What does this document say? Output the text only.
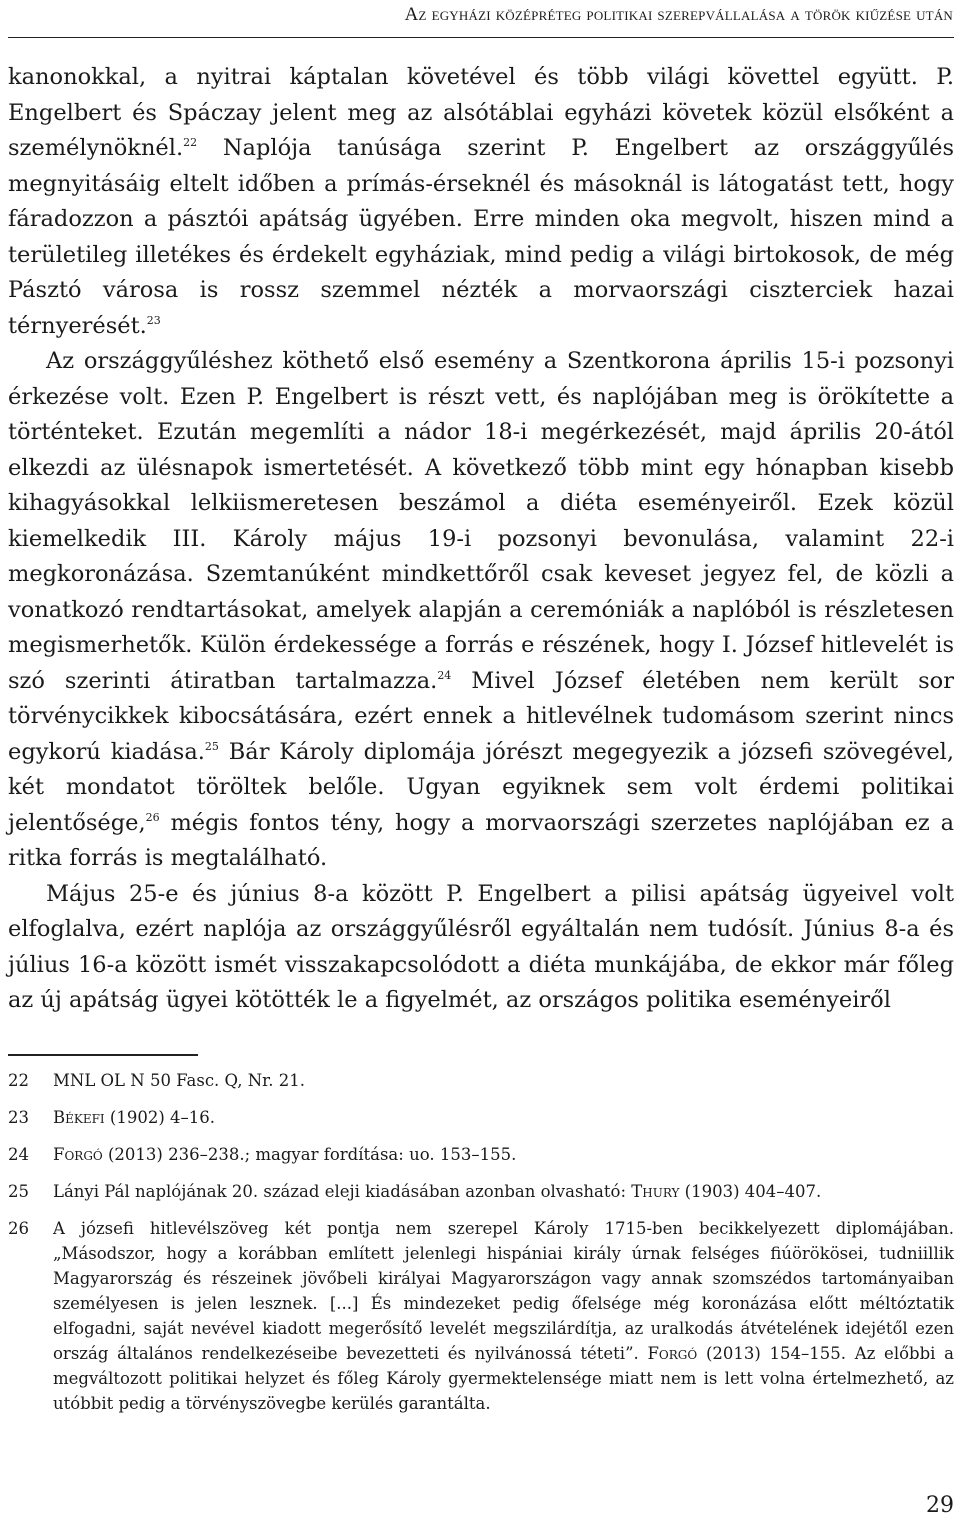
Az egyházi középréteg politikai szerepvállalása a török kiűzése után

kanonokkal, a nyitrai káptalan követével és több világi követtel együtt. P. Engelbert és Spáczay jelent meg az alsótáblai egyházi követek közül elsőként a személynöknél.$^{22}$ Naplója tanúsága szerint P. Engelbert az országgyűlés megnyitásáig eltelt időben a prímás-érseknél és másoknál is látogatást tett, hogy fáradozzon a pásztói apátság ügyében. Erre minden oka megvolt, hiszen mind a területileg illetékes és érdekelt egyháziak, mind pedig a világi birtokosok, de még Pásztó városa is rossz szemmel nézték a morvaországi ciszterciek hazai térnyerését.$^{23}$

Az országgyűléshez köthető első esemény a Szentkorona április 15-i pozsonyi érkezése volt. Ezen P. Engelbert is részt vett, és naplójában meg is örökítette a történteket. Ezután megemlíti a nádor 18-i megérkezését, majd április 20-ától elkezdi az ülésnapok ismertetését. A következő több mint egy hónapban kisebb kihagyásokkal lelkiismeretesen beszámol a diéta eseményeiről. Ezek közül kiemelkedik III. Károly május 19-i pozsonyi bevonulása, valamint 22-i megkoronázása. Szemtanúként mindkettőről csak keveset jegyez fel, de közli a vonatkozó rendtartásokat, amelyek alapján a ceremóniák a naplóból is részletesen megismerhetők. Külön érdekessége a forrás e részének, hogy I. József hitlevelét is szó szerinti átiratban tartalmazza.$^{24}$ Mivel József életében nem került sor törvénycikkek kibocsátására, ezért ennek a hitlevélnek tudomásom szerint nincs egykorú kiadása.$^{25}$ Bár Károly diplomája jórészt megegyezik a józsefi szövegével, két mondatot töröltek belőle. Ugyan egyiknek sem volt érdemi politikai jelentősége,$^{26}$ mégis fontos tény, hogy a morvaországi szerzetes naplójában ez a ritka forrás is megtalálható.

Május 25-e és június 8-a között P. Engelbert a pilisi apátság ügyeivel volt elfoglalva, ezért naplója az országgyűlésről egyáltalán nem tudósít. Június 8-a és július 16-a között ismét visszakapcsolódott a diéta munkájába, de ekkor már főleg az új apátság ügyei kötötték le a figyelmét, az országos politika eseményeiről

22 MNL OL N 50 Fasc. Q, Nr. 21.
23 Békefi (1902) 4–16.
24 Forgó (2013) 236–238.; magyar fordítása: uo. 153–155.
25 Lányi Pál naplójának 20. század eleji kiadásában azonban olvasható: Thury (1903) 404–407.
26 A józsefi hitlevélszöveg két pontja nem szerepel Károly 1715-ben becikkelyezett diplomájában. „Másodszor, hogy a korábban említett jelenlegi hispániai király úrnak felséges fiúörökösei, tudniillik Magyarország és részeinek jövőbeli királyai Magyarországon vagy annak szomszédos tartományaiban személyesen is jelen lesznek. [...] És mindezeket pedig őfelsége még koronázása előtt méltóztatik elfogadni, saját nevével kiadott megerősítő levelét megszilárdítja, az uralkodás átvételének idejétől ezen ország általános rendelkezéseibe bevezetteti és nyilvánossá téteti”. Forgó (2013) 154–155. Az előbbi a megváltozott politikai helyzet és főleg Károly gyermektelensége miatt nem is lett volna értelmezhető, az utóbbit pedig a törvényszövegbe kerülés garantálta.
29
